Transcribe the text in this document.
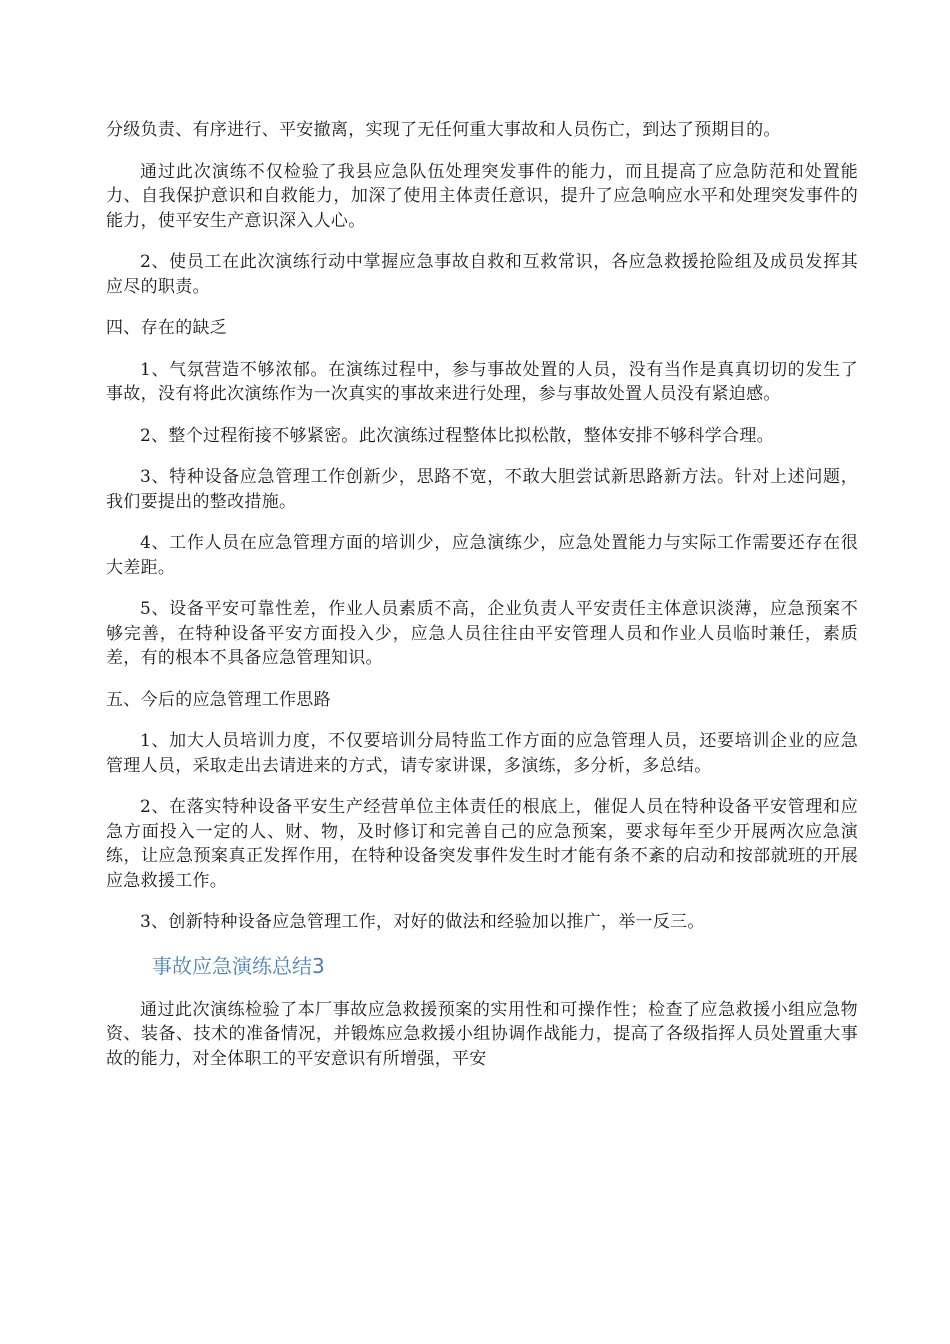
分级负责、有序进行、平安撤离，实现了无任何重大事故和人员伤亡，到达了预期目的。

通过此次演练不仅检验了我县应急队伍处理突发事件的能力，而且提高了应急防范和处置能力、自我保护意识和自救能力，加深了使用主体责任意识，提升了应急响应水平和处理突发事件的能力，使平安生产意识深入人心。

2、使员工在此次演练行动中掌握应急事故自救和互救常识，各应急救援抢险组及成员发挥其应尽的职责。

四、存在的缺乏

1、气氛营造不够浓郁。在演练过程中，参与事故处置的人员，没有当作是真真切切的发生了事故，没有将此次演练作为一次真实的事故来进行处理，参与事故处置人员没有紧迫感。

2、整个过程衔接不够紧密。此次演练过程整体比拟松散，整体安排不够科学合理。

3、特种设备应急管理工作创新少，思路不宽，不敢大胆尝试新思路新方法。针对上述问题，我们要提出的整改措施。

4、工作人员在应急管理方面的培训少，应急演练少，应急处置能力与实际工作需要还存在很大差距。

5、设备平安可靠性差，作业人员素质不高，企业负责人平安责任主体意识淡薄，应急预案不够完善，在特种设备平安方面投入少，应急人员往往由平安管理人员和作业人员临时兼任，素质差，有的根本不具备应急管理知识。

五、今后的应急管理工作思路

1、加大人员培训力度，不仅要培训分局特监工作方面的应急管理人员，还要培训企业的应急管理人员，采取走出去请进来的方式，请专家讲课，多演练，多分析，多总结。

2、在落实特种设备平安生产经营单位主体责任的根底上，催促人员在特种设备平安管理和应急方面投入一定的人、财、物，及时修订和完善自己的应急预案，要求每年至少开展两次应急演练，让应急预案真正发挥作用，在特种设备突发事件发生时才能有条不紊的启动和按部就班的开展应急救援工作。

3、创新特种设备应急管理工作，对好的做法和经验加以推广，举一反三。

事故应急演练总结3

通过此次演练检验了本厂事故应急救援预案的实用性和可操作性；检查了应急救援小组应急物资、装备、技术的准备情况，并锻炼应急救援小组协调作战能力，提高了各级指挥人员处置重大事故的能力，对全体职工的平安意识有所增强，平安
